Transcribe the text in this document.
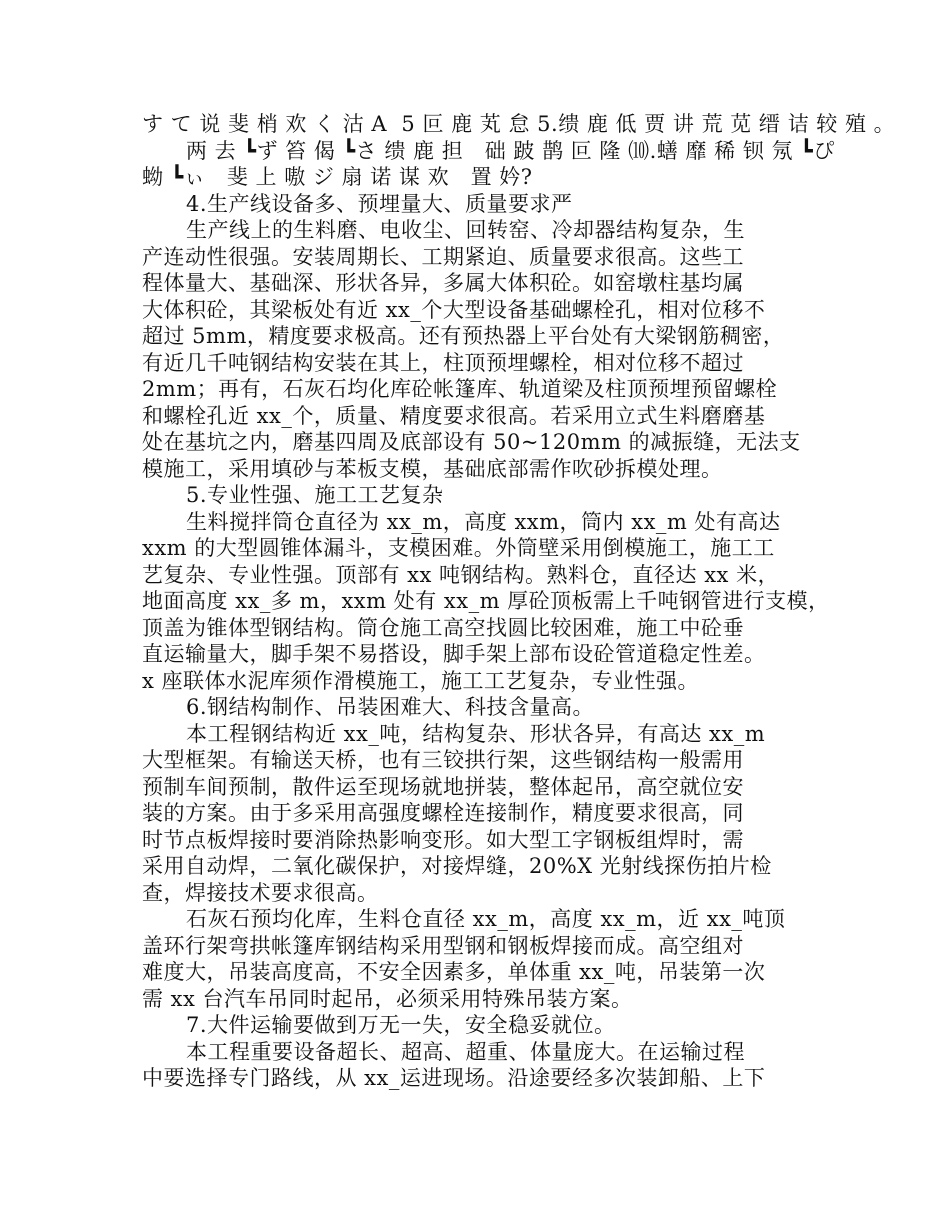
す て 说 斐 梢 欢 く 沽 A  5 叵 鹿 芄 怠 5.缋 鹿 低 贾 讲 荒 苋 缙 诘 较 殖 。
两 去 ┗ず 笞 偈 ┗さ 缋 鹿 担   础 跛 鹊 叵 隆 ⑽.蟮 靡 稀 钡 氖 ┗ぴ
蚴 ┗ぃ   斐 上 嗷 ジ 扇 诺 谋 欢   置 妗?
4.生产线设备多、预埋量大、质量要求严
生产线上的生料磨、电收尘、回转窑、冷却器结构复杂，生
产连动性很强。安装周期长、工期紧迫、质量要求很高。这些工
程体量大、基础深、形状各异，多属大体积砼。如窑墩柱基均属
大体积砼，其梁板处有近 xx_个大型设备基础螺栓孔，相对位移不
超过 5mm，精度要求极高。还有预热器上平台处有大梁钢筋稠密，
有近几千吨钢结构安装在其上，柱顶预埋螺栓，相对位移不超过
2mm；再有，石灰石均化库砼帐篷库、轨道梁及柱顶预埋预留螺栓
和螺栓孔近 xx_个，质量、精度要求很高。若采用立式生料磨磨基
处在基坑之内，磨基四周及底部设有 50~120mm 的减振缝，无法支
模施工，采用填砂与苯板支模，基础底部需作吹砂拆模处理。
5.专业性强、施工工艺复杂
生料搅拌筒仓直径为 xx_m，高度 xxm，筒内 xx_m 处有高达
xxm 的大型圆锥体漏斗，支模困难。外筒壁采用倒模施工，施工工
艺复杂、专业性强。顶部有 xx 吨钢结构。熟料仓，直径达 xx 米，
地面高度 xx_多 m，xxm 处有 xx_m 厚砼顶板需上千吨钢管进行支模，
顶盖为锥体型钢结构。筒仓施工高空找圆比较困难，施工中砼垂
直运输量大，脚手架不易搭设，脚手架上部布设砼管道稳定性差。
x 座联体水泥库须作滑模施工，施工工艺复杂，专业性强。
6.钢结构制作、吊装困难大、科技含量高。
本工程钢结构近 xx_吨，结构复杂、形状各异，有高达 xx_m
大型框架。有输送天桥，也有三铰拱行架，这些钢结构一般需用
预制车间预制，散件运至现场就地拼装，整体起吊，高空就位安
装的方案。由于多采用高强度螺栓连接制作，精度要求很高，同
时节点板焊接时要消除热影响变形。如大型工字钢板组焊时，需
采用自动焊，二氧化碳保护，对接焊缝，20%X 光射线探伤拍片检
查，焊接技术要求很高。
石灰石预均化库，生料仓直径 xx_m，高度 xx_m，近 xx_吨顶
盖环行架弯拱帐篷库钢结构采用型钢和钢板焊接而成。高空组对
难度大，吊装高度高，不安全因素多，单体重 xx_吨，吊装第一次
需 xx 台汽车吊同时起吊，必须采用特殊吊装方案。
7.大件运输要做到万无一失，安全稳妥就位。
本工程重要设备超长、超高、超重、体量庞大。在运输过程
中要选择专门路线，从 xx_运进现场。沿途要经多次装卸船、上下
